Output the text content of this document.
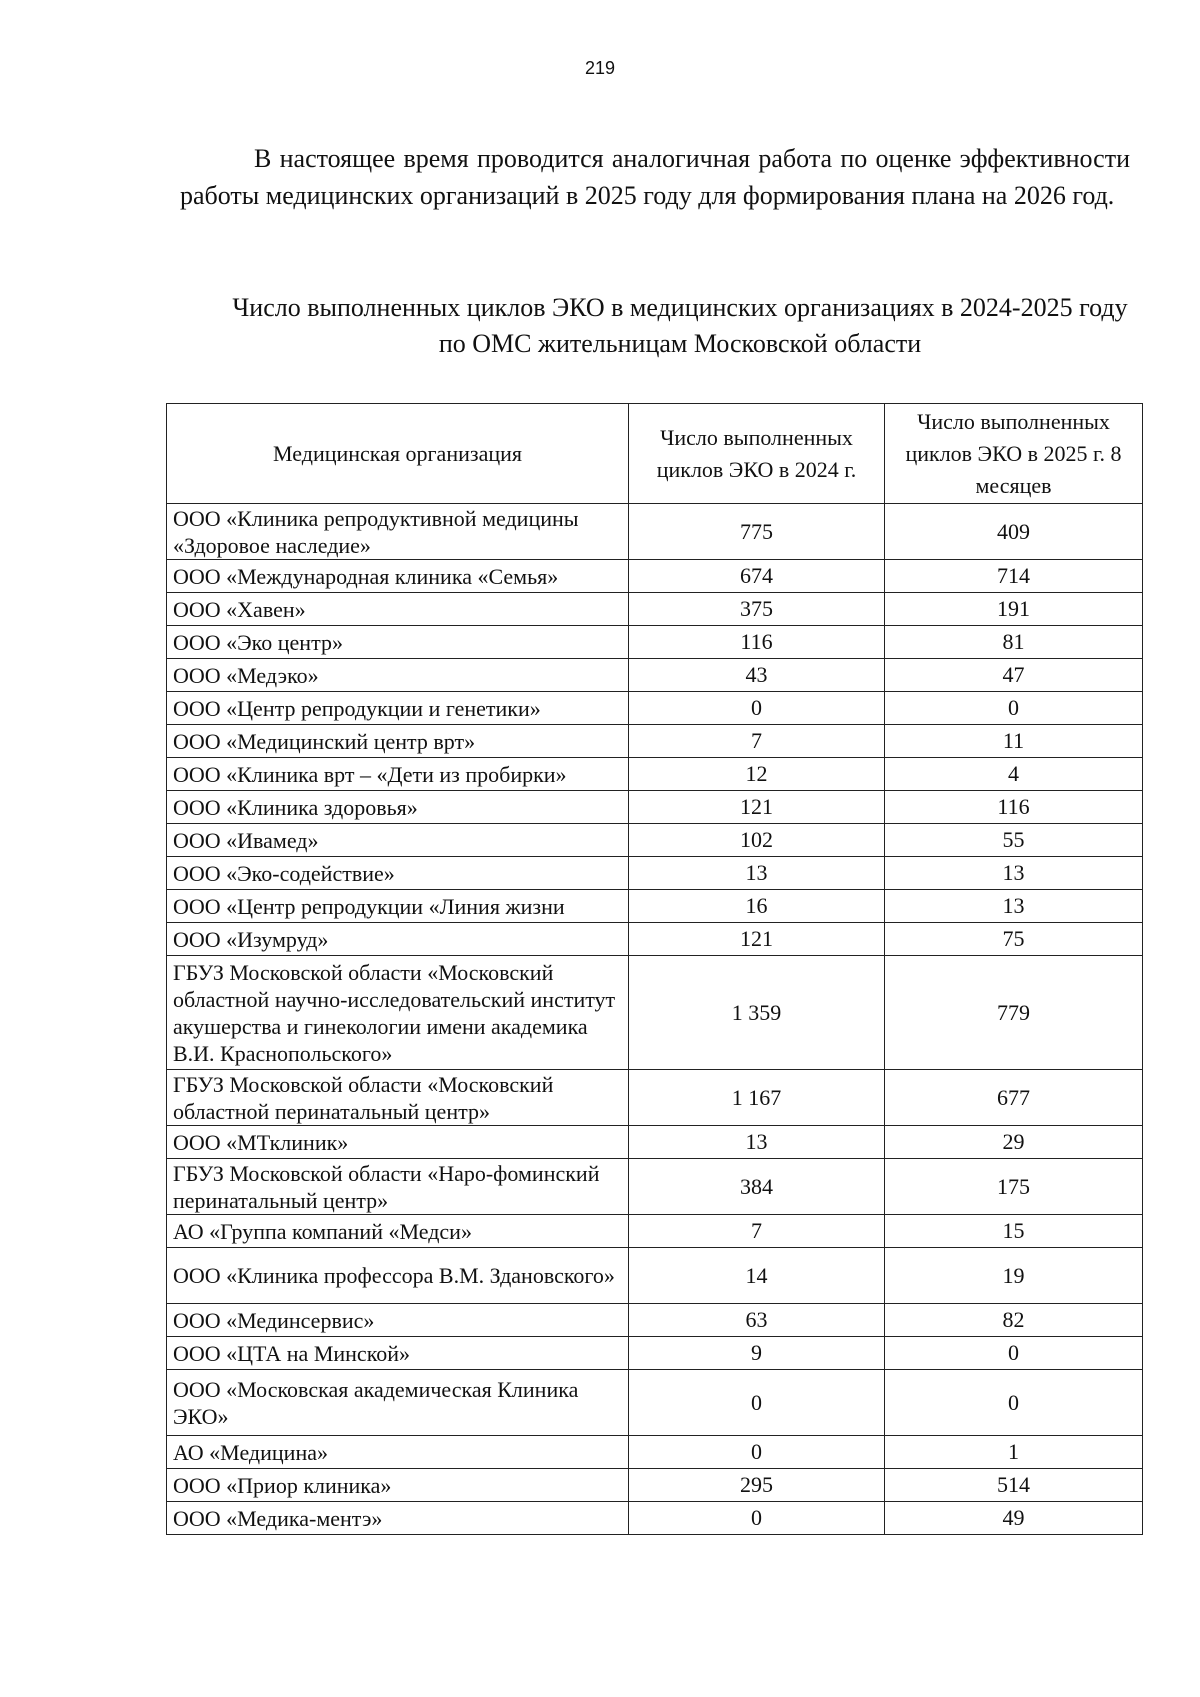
219

В настоящее время проводится аналогичная работа по оценке эффективности работы медицинских организаций в 2025 году для формирования плана на 2026 год.

Число выполненных циклов ЭКО в медицинских организациях в 2024-2025 году по ОМС жительницам Московской области

Медицинская организация	Число выполненных циклов ЭКО в 2024 г.	Число выполненных циклов ЭКО в 2025 г. 8 месяцев
ООО «Клиника репродуктивной медицины «Здоровое наследие»	775	409
ООО «Международная клиника «Семья»	674	714
ООО «Хавен»	375	191
ООО «Эко центр»	116	81
ООО «Медэко»	43	47
ООО «Центр репродукции и генетики»	0	0
ООО «Медицинский центр врт»	7	11
ООО «Клиника врт – «Дети из пробирки»	12	4
ООО «Клиника здоровья»	121	116
ООО «Ивамед»	102	55
ООО «Эко-содействие»	13	13
ООО «Центр репродукции «Линия жизни	16	13
ООО «Изумруд»	121	75
ГБУЗ Московской области «Московский областной научно-исследовательский институт акушерства и гинекологии имени академика В.И. Краснопольского»	1 359	779
ГБУЗ Московской области «Московский областной перинатальный центр»	1 167	677
ООО «МТклиник»	13	29
ГБУЗ Московской области «Наро-фоминский перинатальный центр»	384	175
АО «Группа компаний «Медси»	7	15
ООО «Клиника профессора В.М. Здановского»	14	19
ООО «Мединсервис»	63	82
ООО «ЦТА на Минской»	9	0
ООО «Московская академическая Клиника ЭКО»	0	0
АО «Медицина»	0	1
ООО «Приор клиника»	295	514
ООО «Медика-ментэ»	0	49
